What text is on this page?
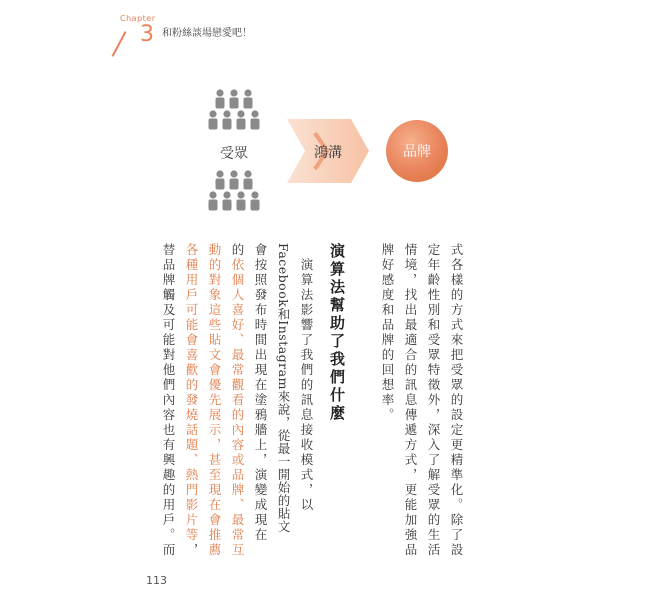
Chapter
3 和粉絲談場戀愛吧！
受眾	鴻溝	品牌
式各樣的方式來把受眾的設定更精準化。除了設
定年齡性別和受眾特徵外，深入了解受眾的生活
情境，找出最適合的訊息傳遞方式，更能加強品
牌好感度和品牌的回想率。
演算法幫助了我們什麼
　演算法影響了我們的訊息接收模式，以
Facebook和Instagram來說，從最一開始的貼文
會按照發布時間出現在塗鴉牆上，演變成現在
的依個人喜好、最常觀看的內容或品牌、最常互
動的對象這些貼文會優先展示，甚至現在會推薦
各種用戶可能會喜歡的發燒話題、熱門影片等，
替品牌觸及可能對他們內容也有興趣的用戶。而
113
